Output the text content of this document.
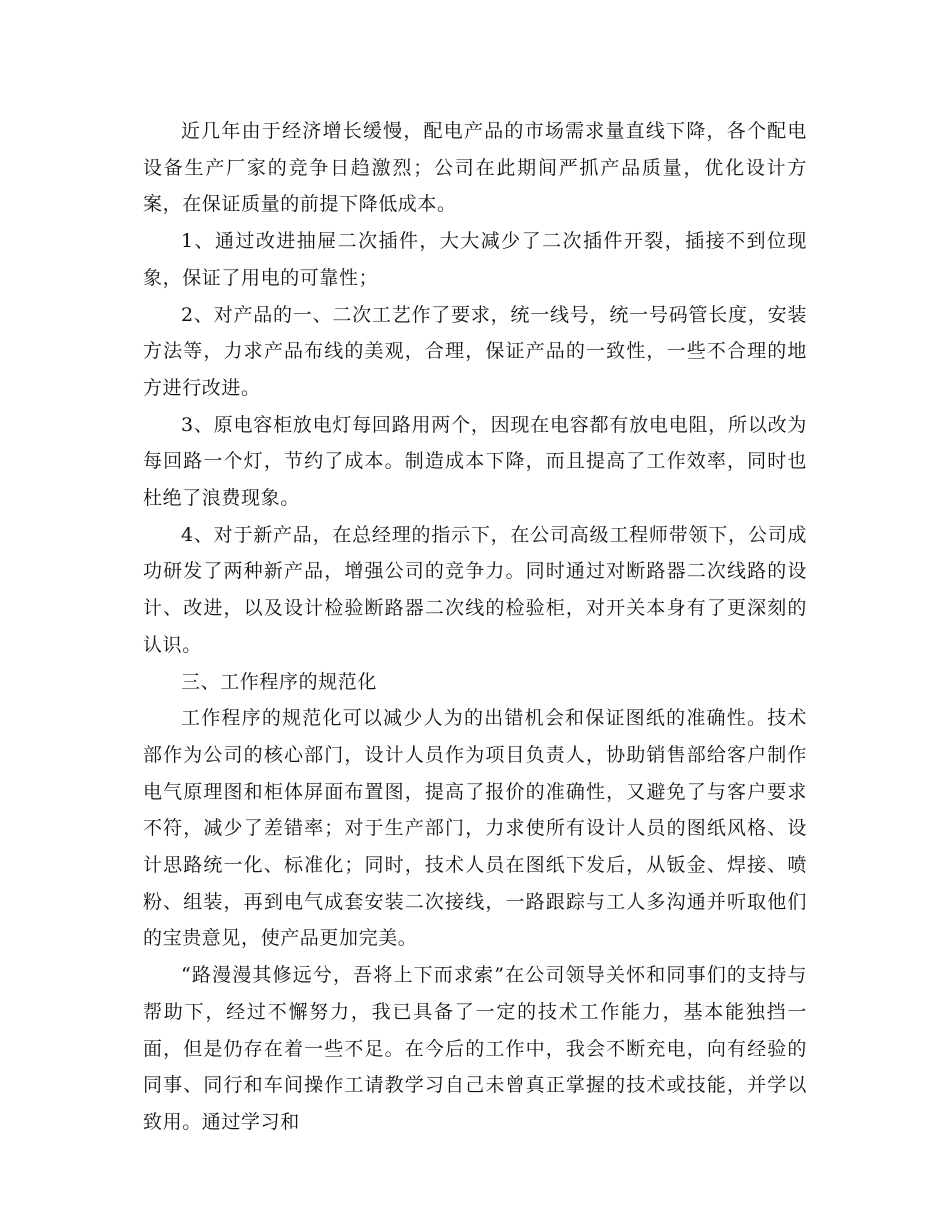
近几年由于经济增长缓慢，配电产品的市场需求量直线下降，各个配电设备生产厂家的竞争日趋激烈；公司在此期间严抓产品质量，优化设计方案，在保证质量的前提下降低成本。

1、通过改进抽屉二次插件，大大减少了二次插件开裂，插接不到位现象，保证了用电的可靠性；

2、对产品的一、二次工艺作了要求，统一线号，统一号码管长度，安装方法等，力求产品布线的美观，合理，保证产品的一致性，一些不合理的地方进行改进。

3、原电容柜放电灯每回路用两个，因现在电容都有放电电阻，所以改为每回路一个灯，节约了成本。制造成本下降，而且提高了工作效率，同时也杜绝了浪费现象。

4、对于新产品，在总经理的指示下，在公司高级工程师带领下，公司成功研发了两种新产品，增强公司的竞争力。同时通过对断路器二次线路的设计、改进，以及设计检验断路器二次线的检验柜，对开关本身有了更深刻的认识。

三、工作程序的规范化

工作程序的规范化可以减少人为的出错机会和保证图纸的准确性。技术部作为公司的核心部门，设计人员作为项目负责人，协助销售部给客户制作电气原理图和柜体屏面布置图，提高了报价的准确性，又避免了与客户要求不符，减少了差错率；对于生产部门，力求使所有设计人员的图纸风格、设计思路统一化、标准化；同时，技术人员在图纸下发后，从钣金、焊接、喷粉、组装，再到电气成套安装二次接线，一路跟踪与工人多沟通并听取他们的宝贵意见，使产品更加完美。

“路漫漫其修远兮，吾将上下而求索”在公司领导关怀和同事们的支持与帮助下，经过不懈努力，我已具备了一定的技术工作能力，基本能独挡一面，但是仍存在着一些不足。在今后的工作中，我会不断充电，向有经验的同事、同行和车间操作工请教学习自己未曾真正掌握的技术或技能，并学以致用。通过学习和
